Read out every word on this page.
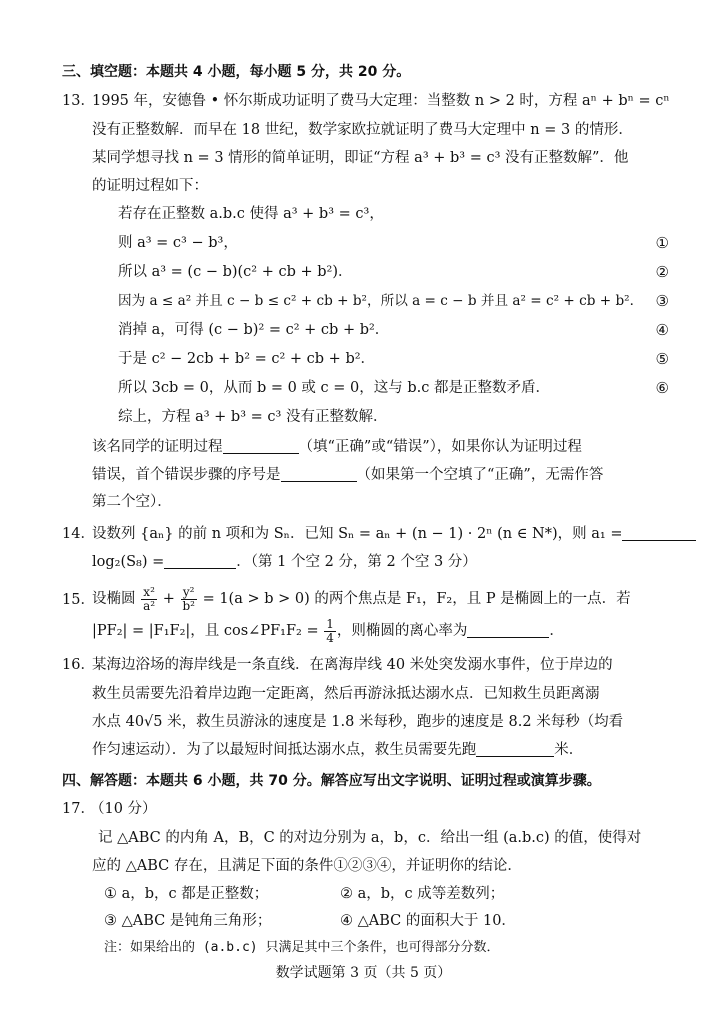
三、填空题：本题共 4 小题，每小题 5 分，共 20 分。
13．
1995 年，安德鲁 • 怀尔斯成功证明了费马大定理：当整数 n > 2 时，方程 aⁿ + bⁿ = cⁿ
没有正整数解．而早在 18 世纪，数学家欧拉就证明了费马大定理中 n = 3 的情形．
某同学想寻找 n = 3 情形的简单证明，即证“方程 a³ + b³ = c³ 没有正整数解”．他
的证明过程如下：
若存在正整数 a.b.c 使得 a³ + b³ = c³，
则 a³ = c³ − b³，	①
所以 a³ = (c − b)(c² + cb + b²)．	②
因为 a ≤ a² 并且 c − b ≤ c² + cb + b²，所以 a = c − b 并且 a² = c² + cb + b²． ③
消掉 a，可得 (c − b)² = c² + cb + b²．	④
于是 c² − 2cb + b² = c² + cb + b²．	⑤
所以 3cb = 0，从而 b = 0 或 c = 0，这与 b.c 都是正整数矛盾．	⑥
综上，方程 a³ + b³ = c³ 没有正整数解．
该名同学的证明过程	（填“正确”或“错误”），如果你认为证明过程
错误，首个错误步骤的序号是	（如果第一个空填了“正确”，无需作答
第二个空）．
14．
设数列 {aₙ} 的前 n 项和为 Sₙ．已知 Sₙ = aₙ + (n − 1) · 2ⁿ (n ∈ N*)，则 a₁ =
log₂(S₈) =	．（第 1 个空 2 分，第 2 个空 3 分）
15．
设椭圆 $\frac{\text{x²}}{\text{a²}} + \frac{\text{y²}}{\text{b²}} = 1(a > b > 0)$ 的两个焦点是 F₁，F₂，且 P 是椭圆上的一点．若
|PF₂| = |F₁F₂|，且 cos∠PF₁F₂ = $\frac{1}{4}$ ，则椭圆的离心率为	．
16．
某海边浴场的海岸线是一条直线．在离海岸线 40 米处突发溺水事件，位于岸边的
救生员需要先沿着岸边跑一定距离，然后再游泳抵达溺水点．已知救生员距离溺
水点 40√5 米，救生员游泳的速度是 1.8 米每秒，跑步的速度是 8.2 米每秒（均看
作匀速运动）．为了以最短时间抵达溺水点，救生员需要先跑	米．
四、解答题：本题共 6 小题，共 70 分。解答应写出文字说明、证明过程或演算步骤。
17．
（10 分）
记 △ABC 的内角 A，B，C 的对边分别为 a，b，c．给出一组 (a.b.c) 的值，使得对
应的 △ABC 存在，且满足下面的条件①②③④，并证明你的结论．
① a，b，c 都是正整数；	② a，b，c 成等差数列；
③ △ABC 是钝角三角形；	④ △ABC 的面积大于 10．
注：如果给出的 (a.b.c) 只满足其中三个条件，也可得部分分数．
数学试题第 3 页（共 5 页）
